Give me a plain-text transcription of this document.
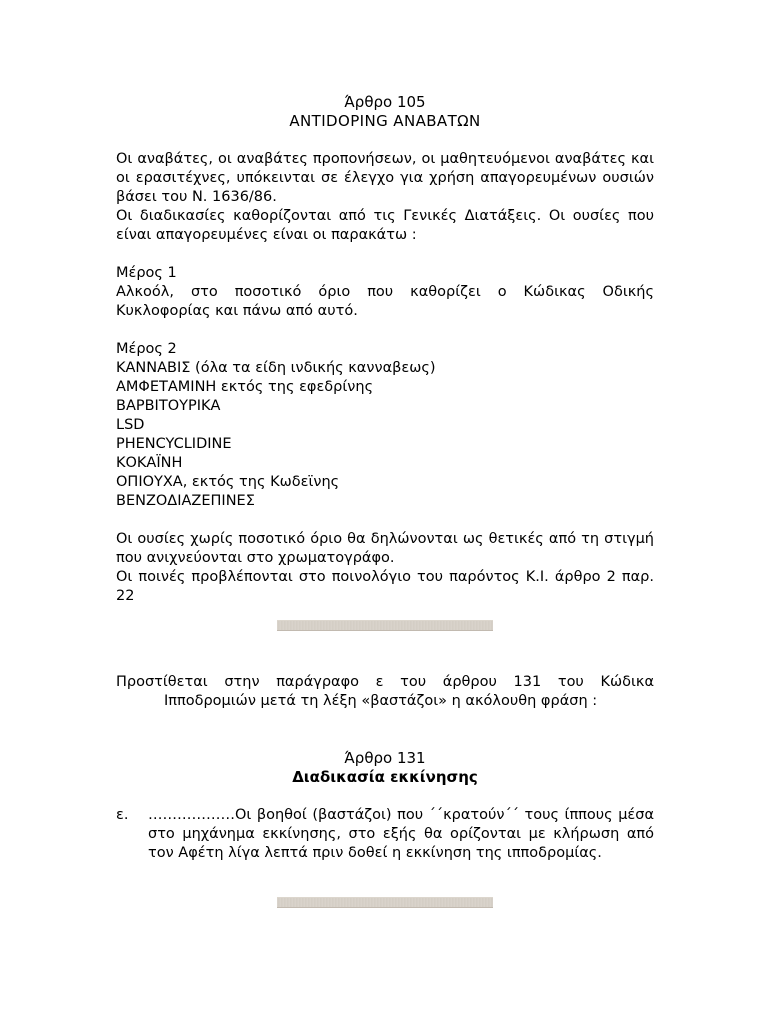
Άρθρο 105
ANTIDOPING ΑΝΑΒΑΤΩΝ

Οι αναβάτες, οι αναβάτες προπονήσεων, οι μαθητευόμενοι αναβάτες και οι ερασιτέχνες, υπόκεινται σε έλεγχο για χρήση απαγορευμένων ουσιών βάσει του Ν. 1636/86.

Οι διαδικασίες καθορίζονται από τις Γενικές Διατάξεις. Οι ουσίες που είναι απαγορευμένες είναι οι παρακάτω :

Μέρος 1

Αλκοόλ, στο ποσοτικό όριο που καθορίζει ο Κώδικας Οδικής Κυκλοφορίας και πάνω από αυτό.

Μέρος 2

ΚΑΝΝΑΒΙΣ (όλα τα είδη ινδικής κανναβεως)

ΑΜΦΕΤΑΜΙΝΗ εκτός της εφεδρίνης

ΒΑΡΒΙΤΟΥΡΙΚΑ

LSD

PHENCYCLIDINE

ΚΟΚΑΪΝΗ

ΟΠΙΟΥΧΑ, εκτός της Κωδεϊνης

ΒΕΝΖΟΔΙΑΖΕΠΙΝΕΣ

Οι ουσίες χωρίς ποσοτικό όριο θα δηλώνονται ως θετικές από τη στιγμή που ανιχνεύονται στο χρωματογράφο.

Οι ποινές προβλέπονται στο ποινολόγιο του παρόντος Κ.Ι. άρθρο 2 παρ. 22

Προστίθεται στην παράγραφο ε του άρθρου 131 του Κώδικα

Ιπποδρομιών μετά τη λέξη «βαστάζοι» η ακόλουθη φράση :

Άρθρο 131
Διαδικασία εκκίνησης
ε.	………………Οι βοηθοί (βαστάζοι) που ΄΄κρατούν΄΄ τους ίππους μέσα στο μηχάνημα εκκίνησης, στο εξής θα ορίζονται με κλήρωση από τον Αφέτη λίγα λεπτά πριν δοθεί η εκκίνηση της ιπποδρομίας.
